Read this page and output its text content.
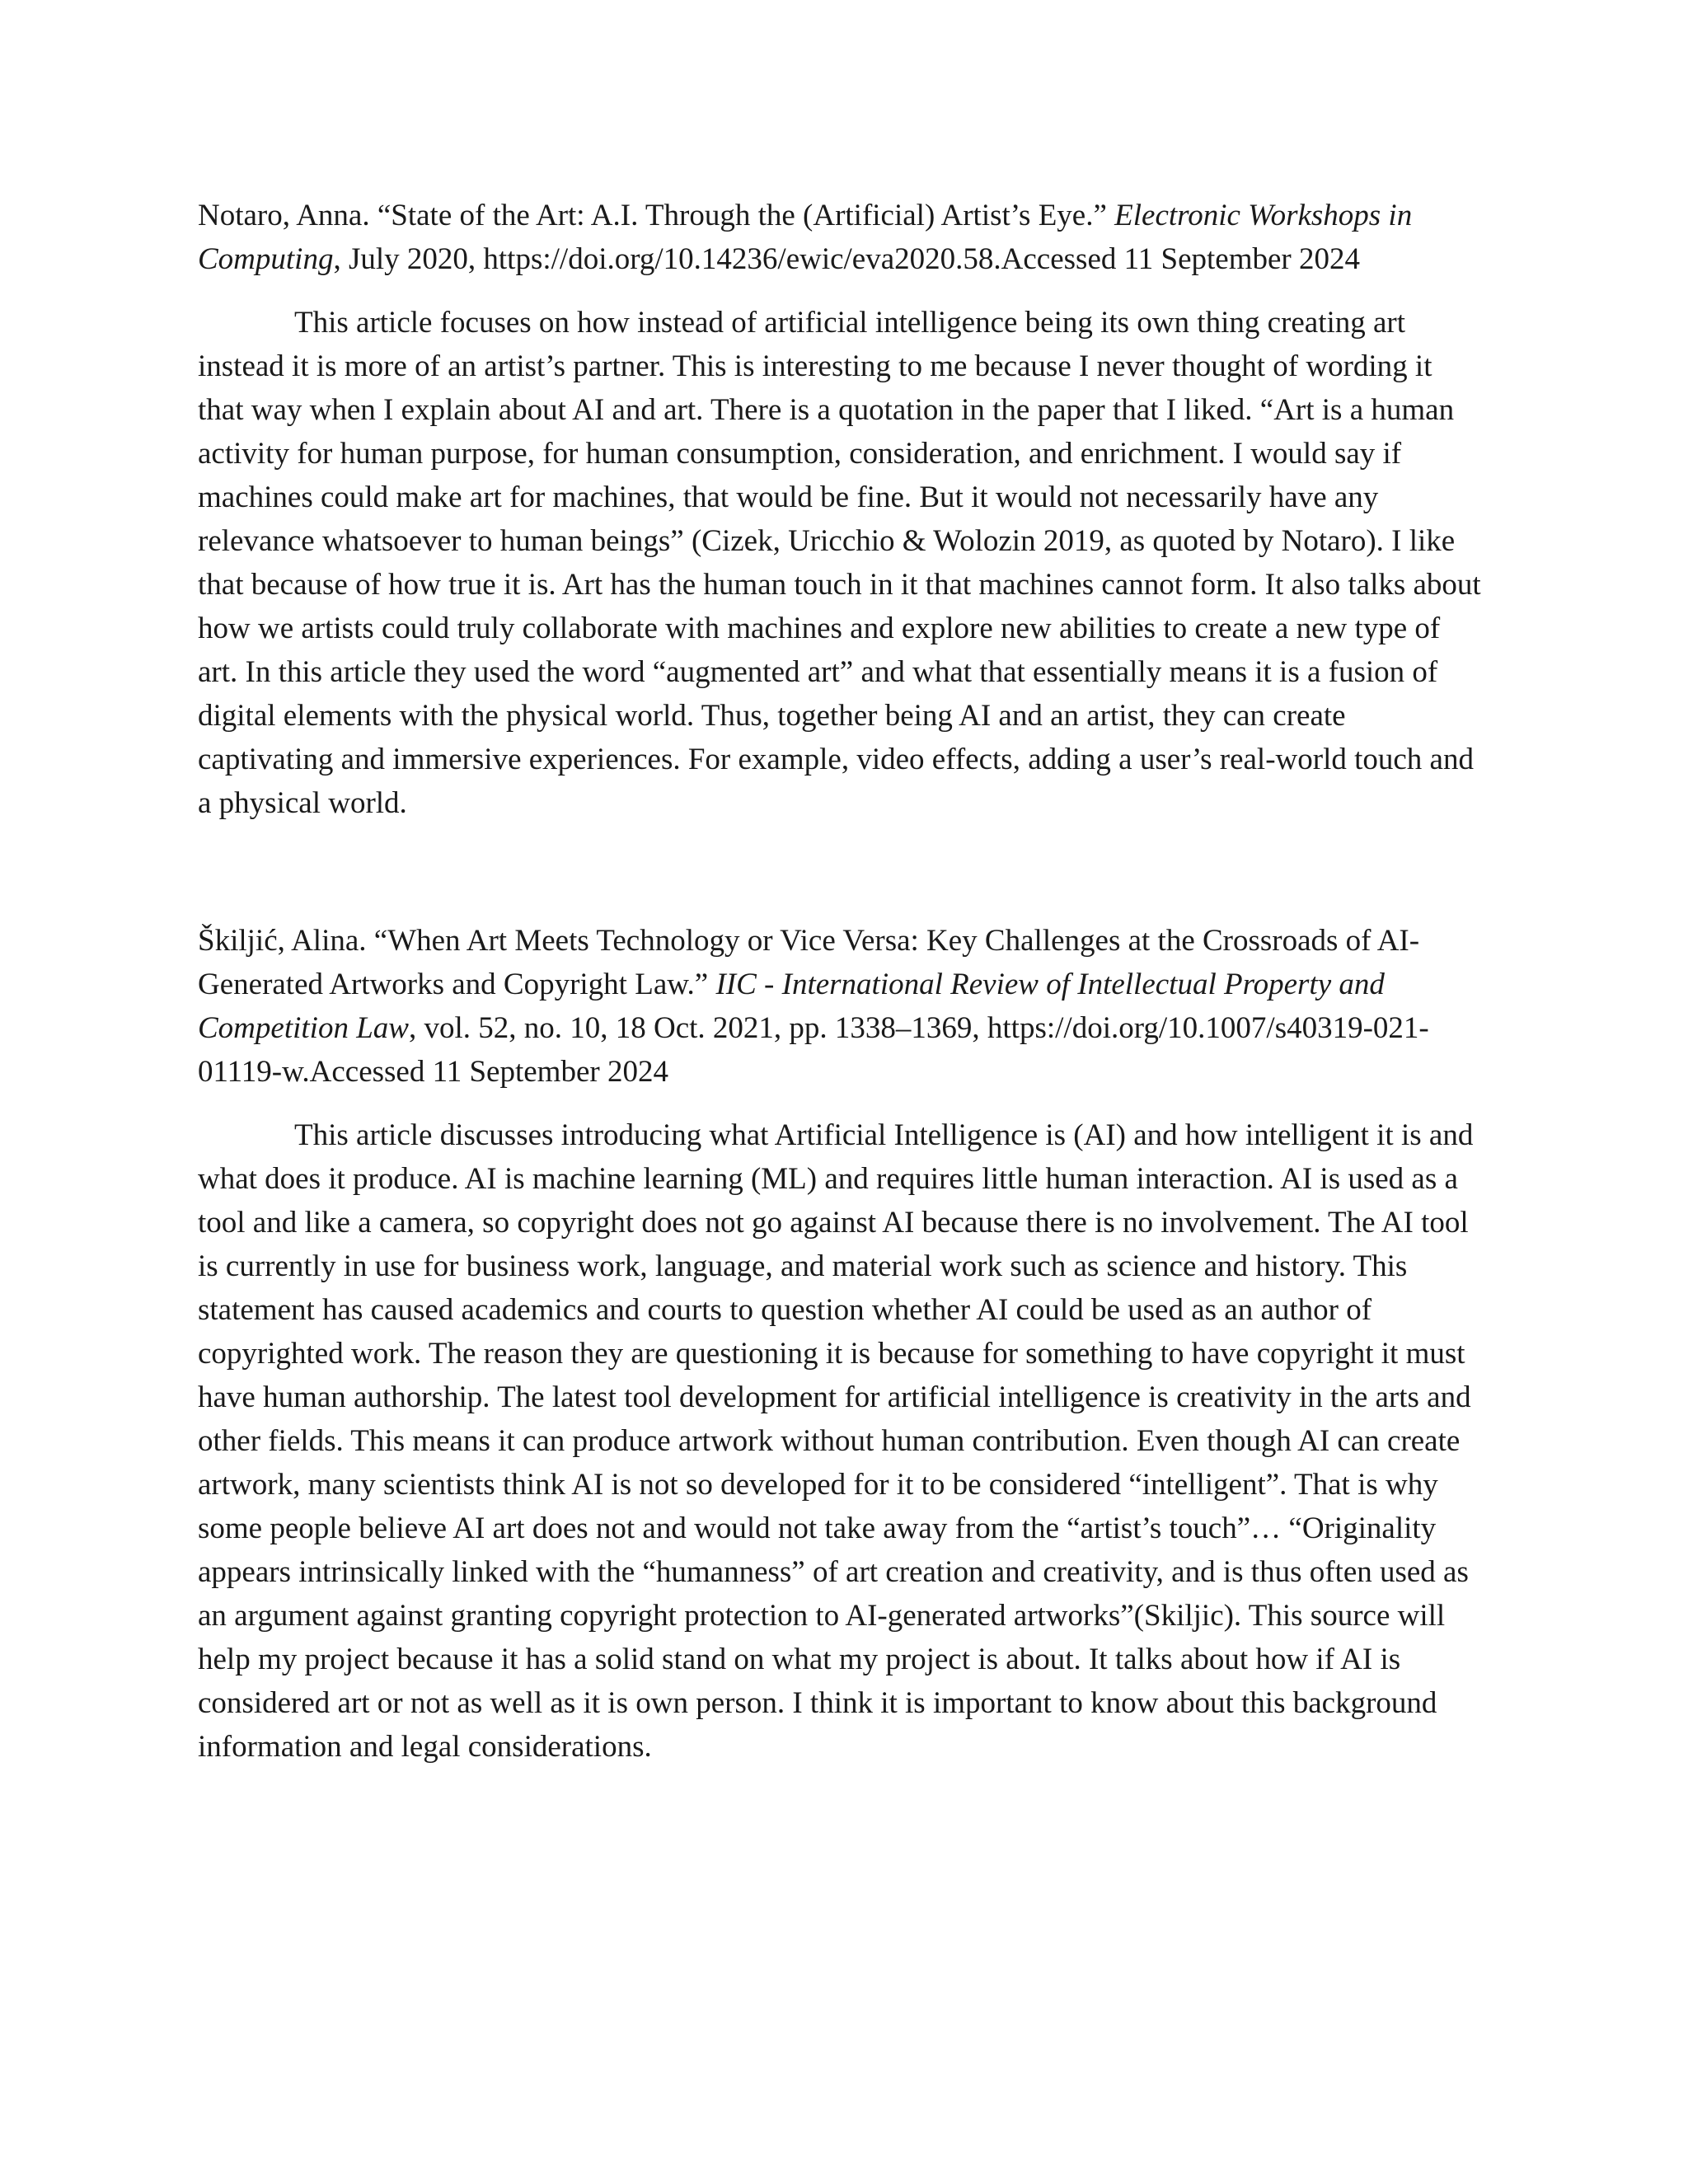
Notaro, Anna. “State of the Art: A.I. Through the (Artificial) Artist’s Eye.” Electronic Workshops in Computing, July 2020, https://doi.org/10.14236/ewic/eva2020.58.Accessed 11 September 2024

This article focuses on how instead of artificial intelligence being its own thing creating art instead it is more of an artist’s partner. This is interesting to me because I never thought of wording it that way when I explain about AI and art. There is a quotation in the paper that I liked. “Art is a human activity for human purpose, for human consumption, consideration, and enrichment. I would say if machines could make art for machines, that would be fine. But it would not necessarily have any relevance whatsoever to human beings” (Cizek, Uricchio & Wolozin 2019, as quoted by Notaro). I like that because of how true it is. Art has the human touch in it that machines cannot form. It also talks about how we artists could truly collaborate with machines and explore new abilities to create a new type of art. In this article they used the word “augmented art” and what that essentially means it is a fusion of digital elements with the physical world. Thus, together being AI and an artist, they can create captivating and immersive experiences. For example, video effects, adding a user’s real-world touch and a physical world.

Škiljić, Alina. “When Art Meets Technology or Vice Versa: Key Challenges at the Crossroads of AI-Generated Artworks and Copyright Law.” IIC - International Review of Intellectual Property and Competition Law, vol. 52, no. 10, 18 Oct. 2021, pp. 1338–1369, https://doi.org/10.1007/s40319-021-01119-w.Accessed 11 September 2024

This article discusses introducing what Artificial Intelligence is (AI) and how intelligent it is and what does it produce. AI is machine learning (ML) and requires little human interaction. AI is used as a tool and like a camera, so copyright does not go against AI because there is no involvement. The AI tool is currently in use for business work, language, and material work such as science and history. This statement has caused academics and courts to question whether AI could be used as an author of copyrighted work. The reason they are questioning it is because for something to have copyright it must have human authorship. The latest tool development for artificial intelligence is creativity in the arts and other fields. This means it can produce artwork without human contribution. Even though AI can create artwork, many scientists think AI is not so developed for it to be considered “intelligent”. That is why some people believe AI art does not and would not take away from the “artist’s touch”… “Originality appears intrinsically linked with the “humanness” of art creation and creativity, and is thus often used as an argument against granting copyright protection to AI-generated artworks”(Skiljic). This source will help my project because it has a solid stand on what my project is about. It talks about how if AI is considered art or not as well as it is own person. I think it is important to know about this background information and legal considerations.
